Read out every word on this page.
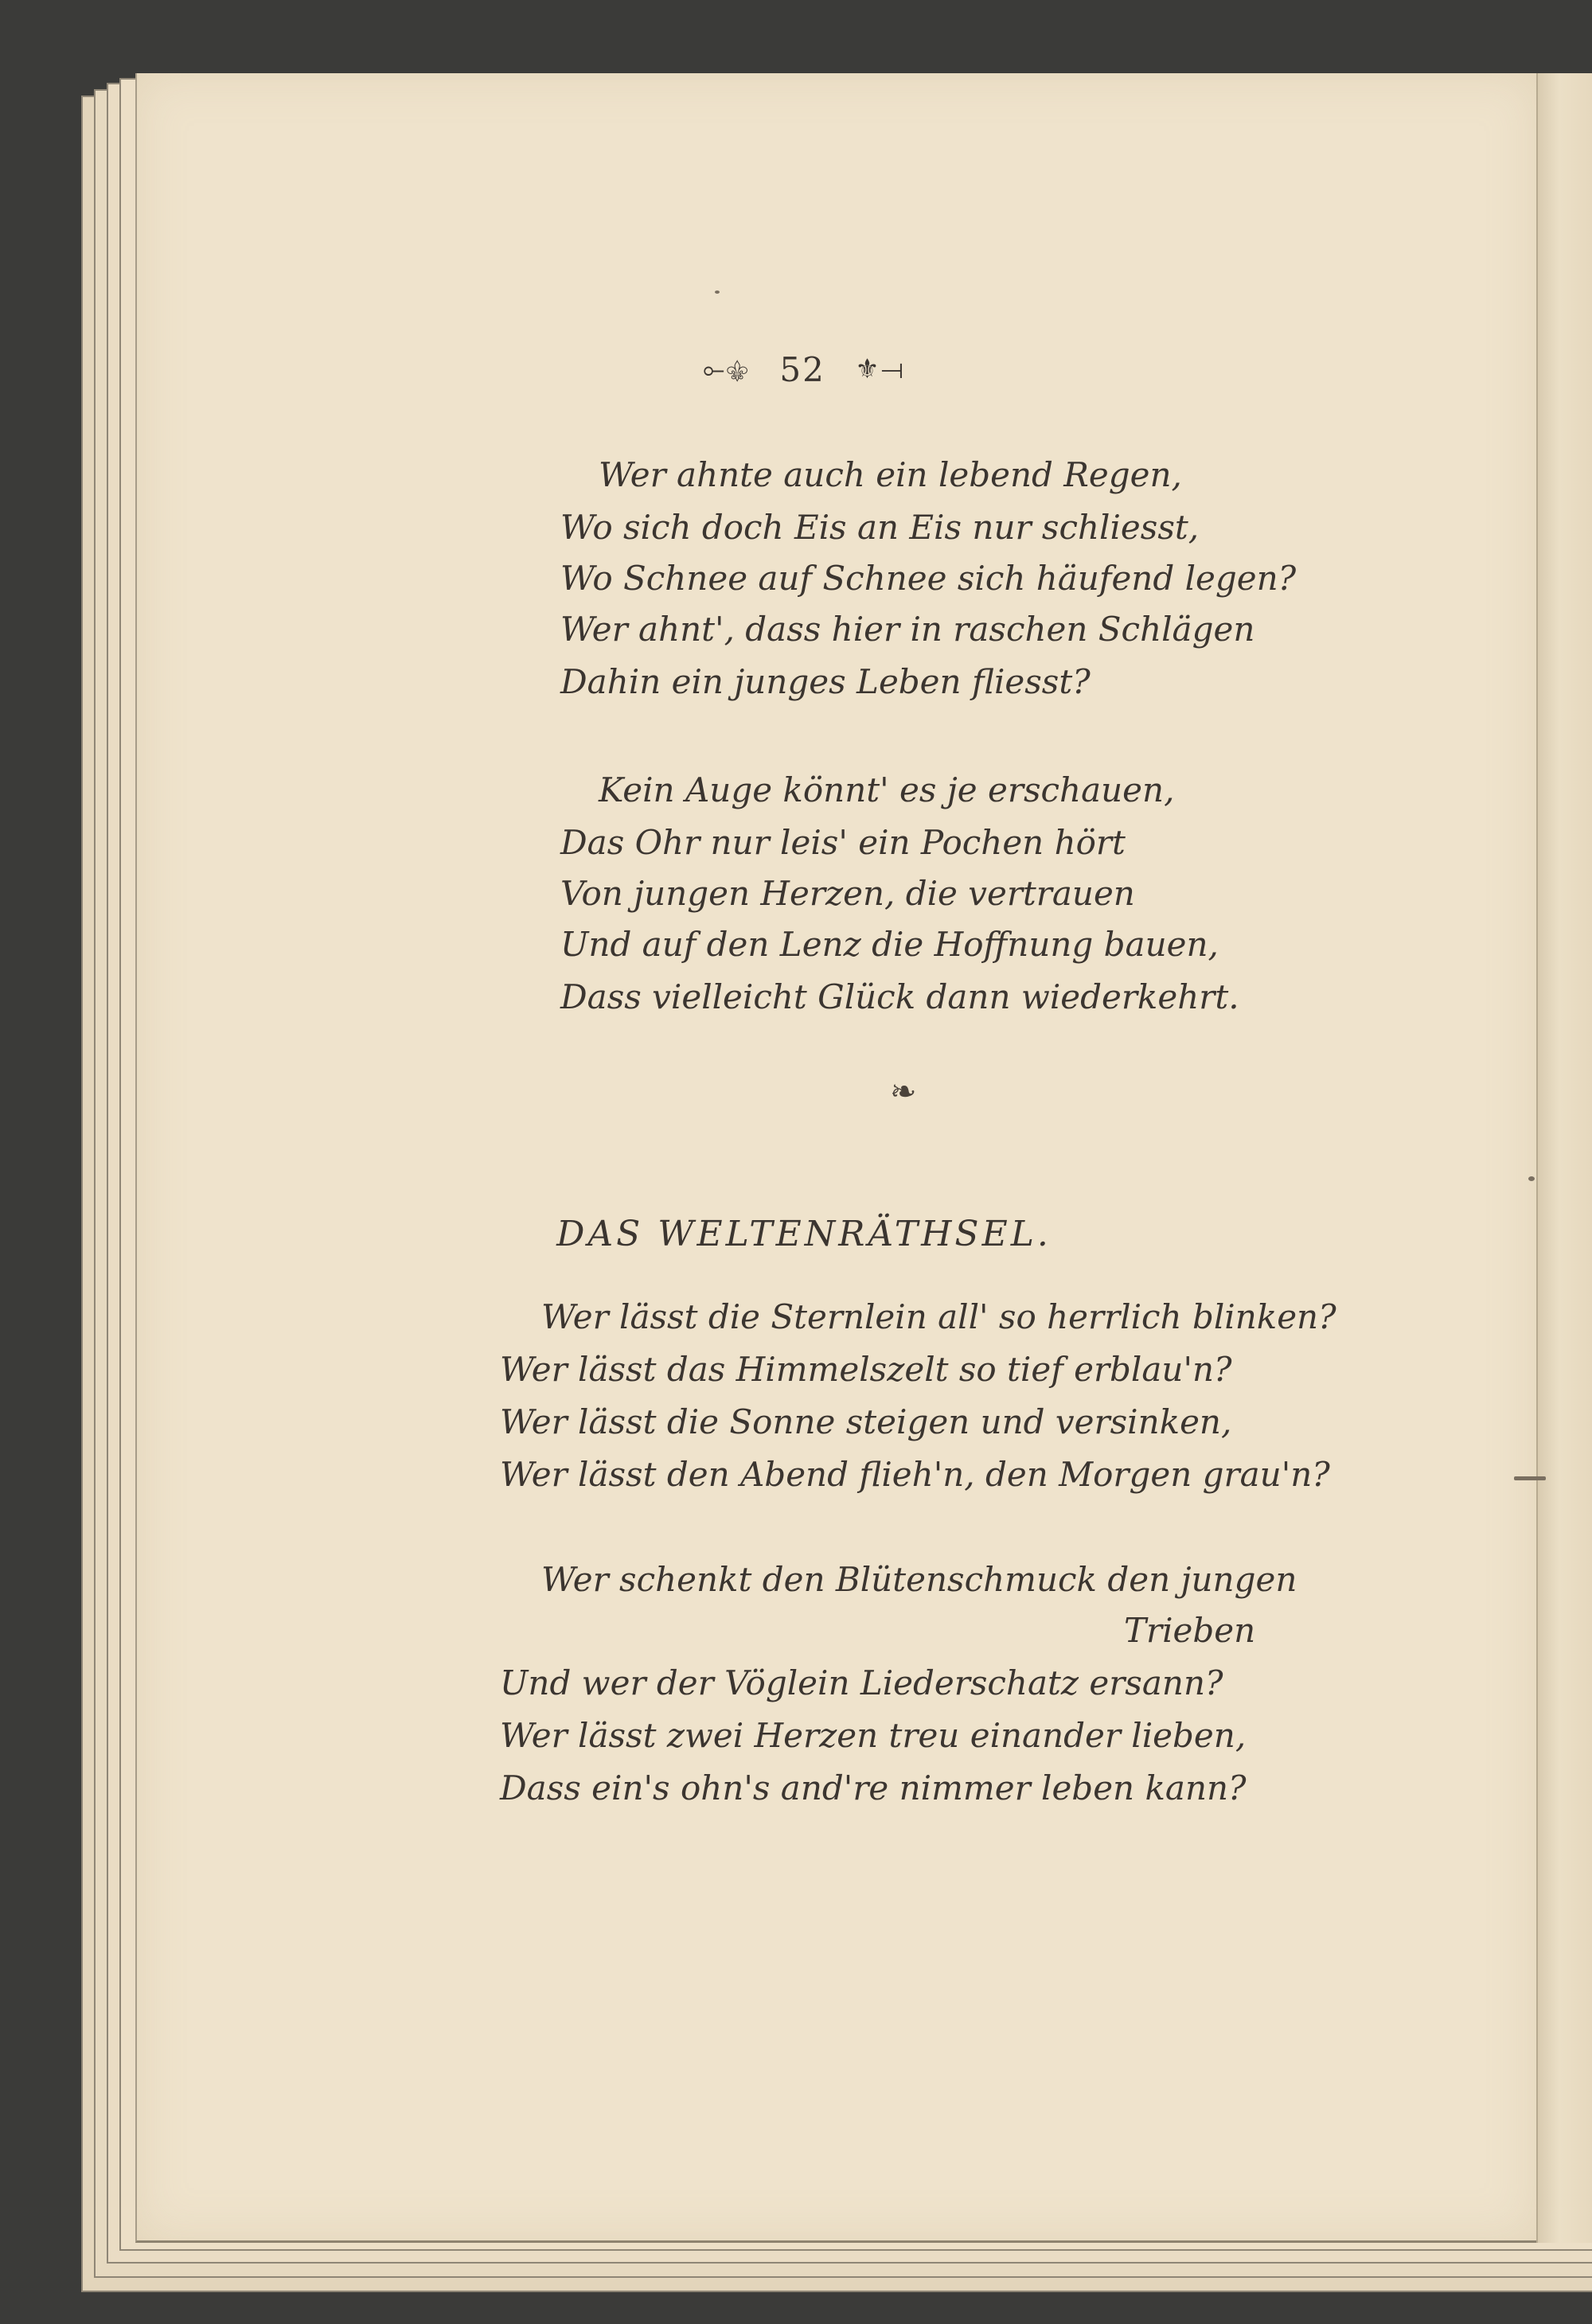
⟜⚜ 52 ⚜⟞
Wer ahnte auch ein lebend Regen,
Wo sich doch Eis an Eis nur schliesst,
Wo Schnee auf Schnee sich häufend legen?
Wer ahnt', dass hier in raschen Schlägen
Dahin ein junges Leben fliesst?
Kein Auge könnt' es je erschauen,
Das Ohr nur leis' ein Pochen hört
Von jungen Herzen, die vertrauen
Und auf den Lenz die Hoffnung bauen,
Dass vielleicht Glück dann wiederkehrt.
❧
DAS WELTENRÄTHSEL.
Wer lässt die Sternlein all' so herrlich blinken?
Wer lässt das Himmelszelt so tief erblau'n?
Wer lässt die Sonne steigen und versinken,
Wer lässt den Abend flieh'n, den Morgen grau'n?
Wer schenkt den Blütenschmuck den jungen
Trieben
Und wer der Vöglein Liederschatz ersann?
Wer lässt zwei Herzen treu einander lieben,
Dass ein's ohn's and're nimmer leben kann?
